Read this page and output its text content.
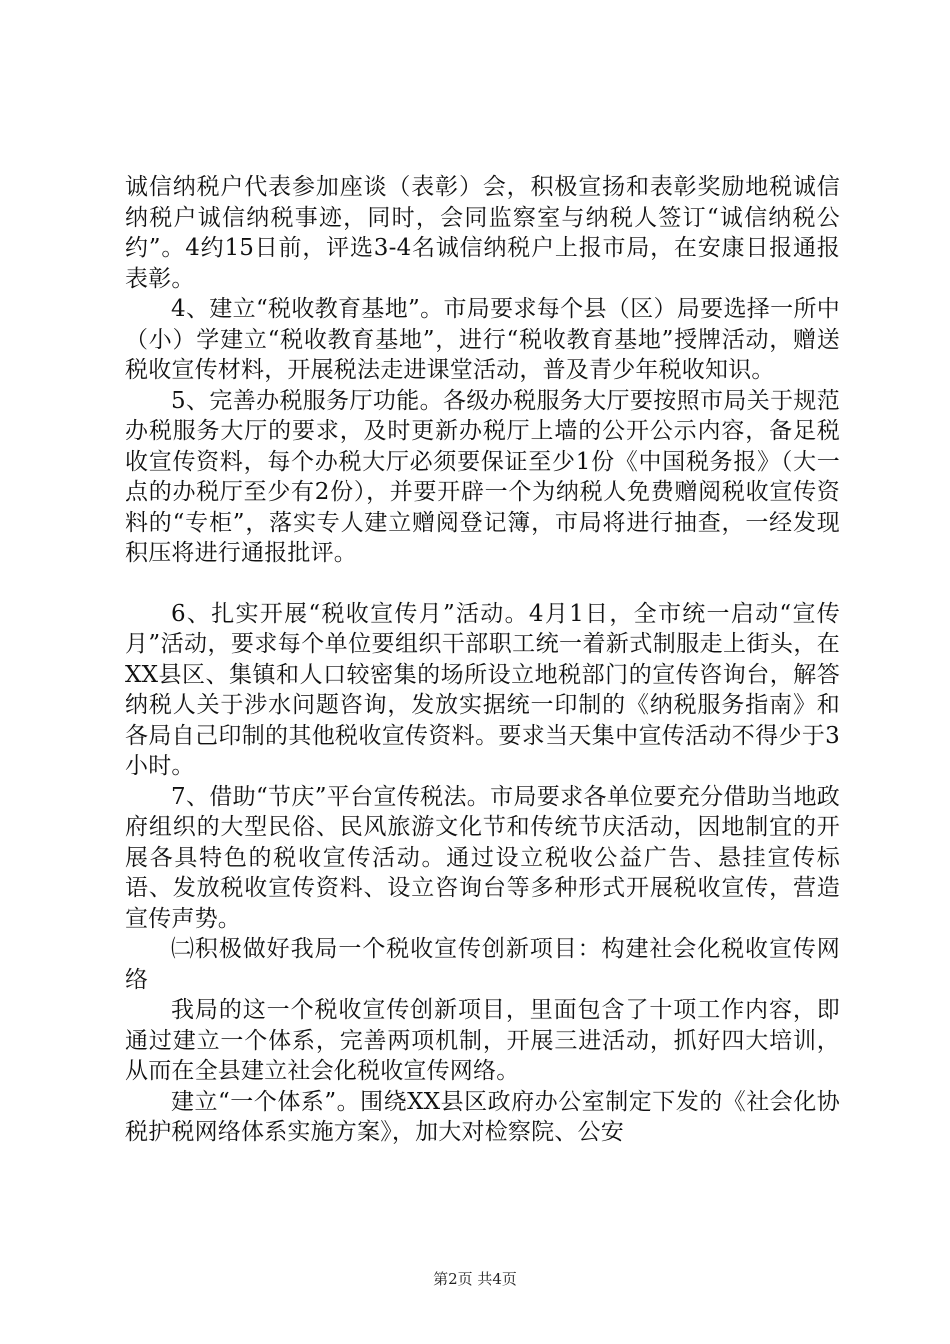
诚信纳税户代表参加座谈（表彰）会，积极宣扬和表彰奖励地税诚信纳税户诚信纳税事迹，同时，会同监察室与纳税人签订“诚信纳税公约”。4约15日前，评选3-4名诚信纳税户上报市局，在安康日报通报表彰。

4、建立“税收教育基地”。市局要求每个县（区）局要选择一所中（小）学建立“税收教育基地”，进行“税收教育基地”授牌活动，赠送税收宣传材料，开展税法走进课堂活动，普及青少年税收知识。

5、完善办税服务厅功能。各级办税服务大厅要按照市局关于规范办税服务大厅的要求，及时更新办税厅上墙的公开公示内容，备足税收宣传资料，每个办税大厅必须要保证至少1份《中国税务报》（大一点的办税厅至少有2份），并要开辟一个为纳税人免费赠阅税收宣传资料的“专柜”，落实专人建立赠阅登记簿，市局将进行抽查，一经发现积压将进行通报批评。

6、扎实开展“税收宣传月”活动。4月1日，全市统一启动“宣传月”活动，要求每个单位要组织干部职工统一着新式制服走上街头，在XX县区、集镇和人口较密集的场所设立地税部门的宣传咨询台，解答纳税人关于涉水问题咨询，发放实据统一印制的《纳税服务指南》和各局自己印制的其他税收宣传资料。要求当天集中宣传活动不得少于3小时。

7、借助“节庆”平台宣传税法。市局要求各单位要充分借助当地政府组织的大型民俗、民风旅游文化节和传统节庆活动，因地制宜的开展各具特色的税收宣传活动。通过设立税收公益广告、悬挂宣传标语、发放税收宣传资料、设立咨询台等多种形式开展税收宣传，营造宣传声势。

㈡积极做好我局一个税收宣传创新项目：构建社会化税收宣传网络

我局的这一个税收宣传创新项目，里面包含了十项工作内容，即通过建立一个体系，完善两项机制，开展三进活动，抓好四大培训，从而在全县建立社会化税收宣传网络。

建立“一个体系”。围绕XX县区政府办公室制定下发的《社会化协税护税网络体系实施方案》，加大对检察院、公安

第2页 共4页
